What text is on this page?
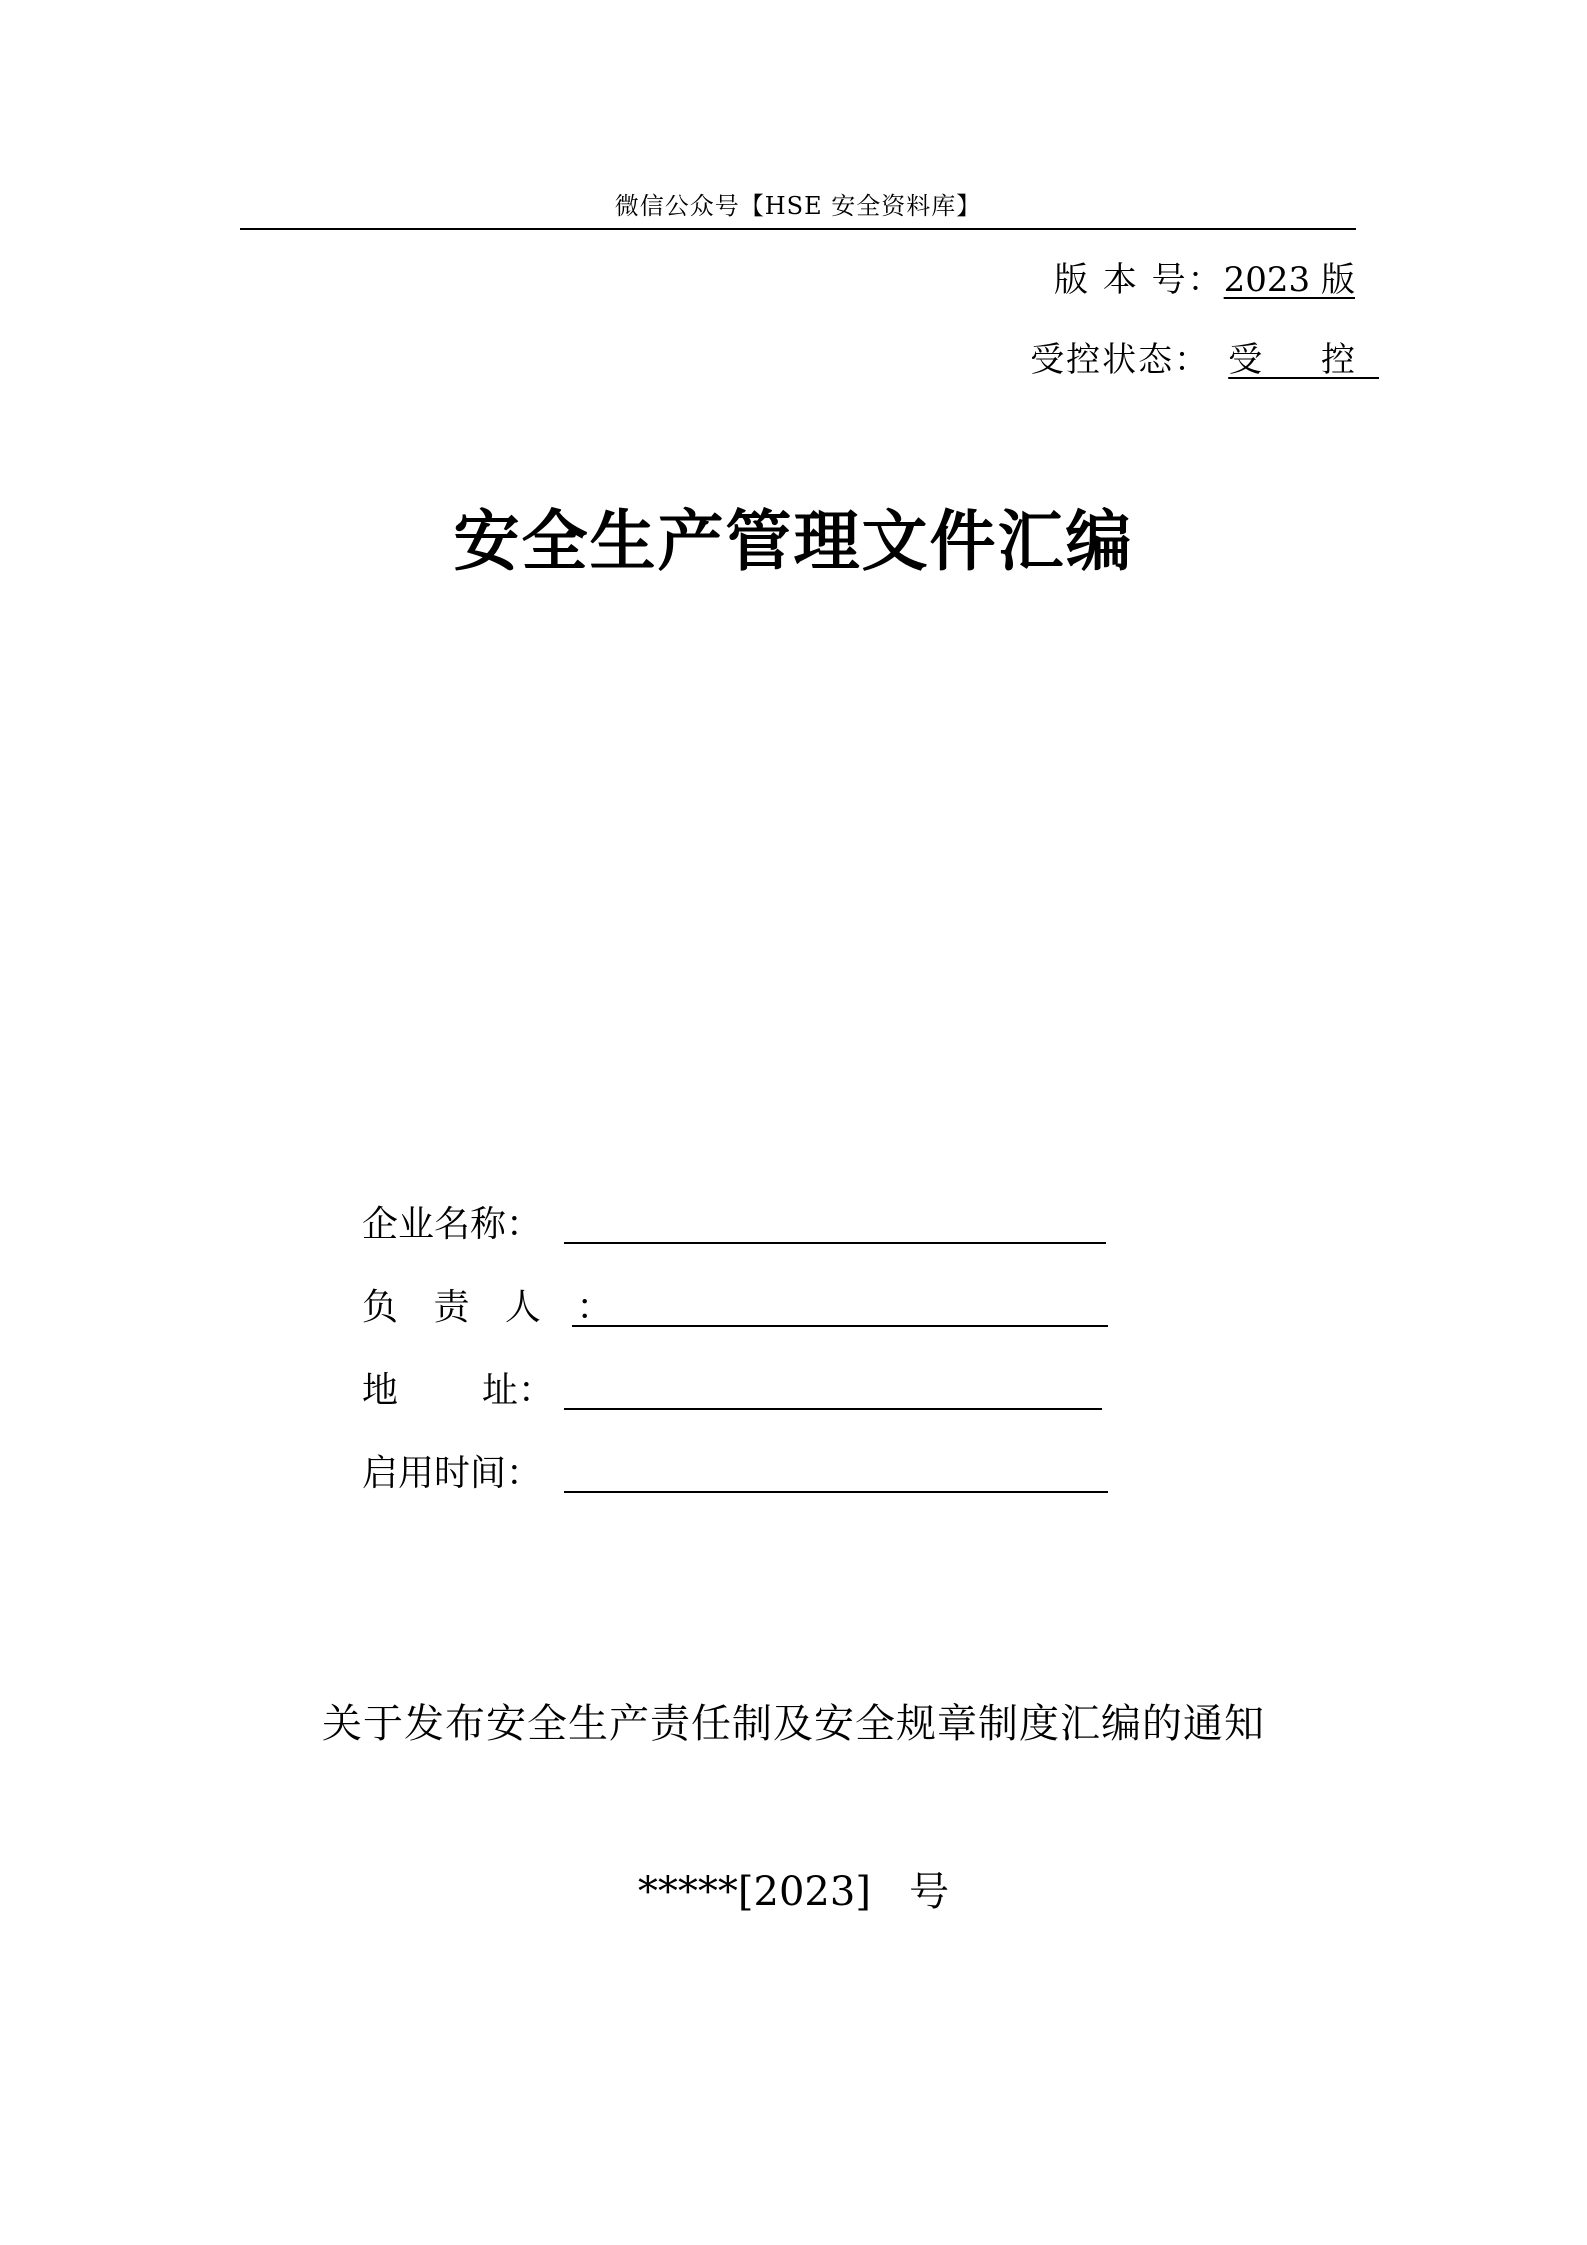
微信公众号【HSE 安全资料库】
版 本 号：2023 版
受控状态： 受 控
安全生产管理文件汇编
企业名称：
负 责 人 ：
地 址：
启用时间：
关于发布安全生产责任制及安全规章制度汇编的通知
*****[2023]   号
